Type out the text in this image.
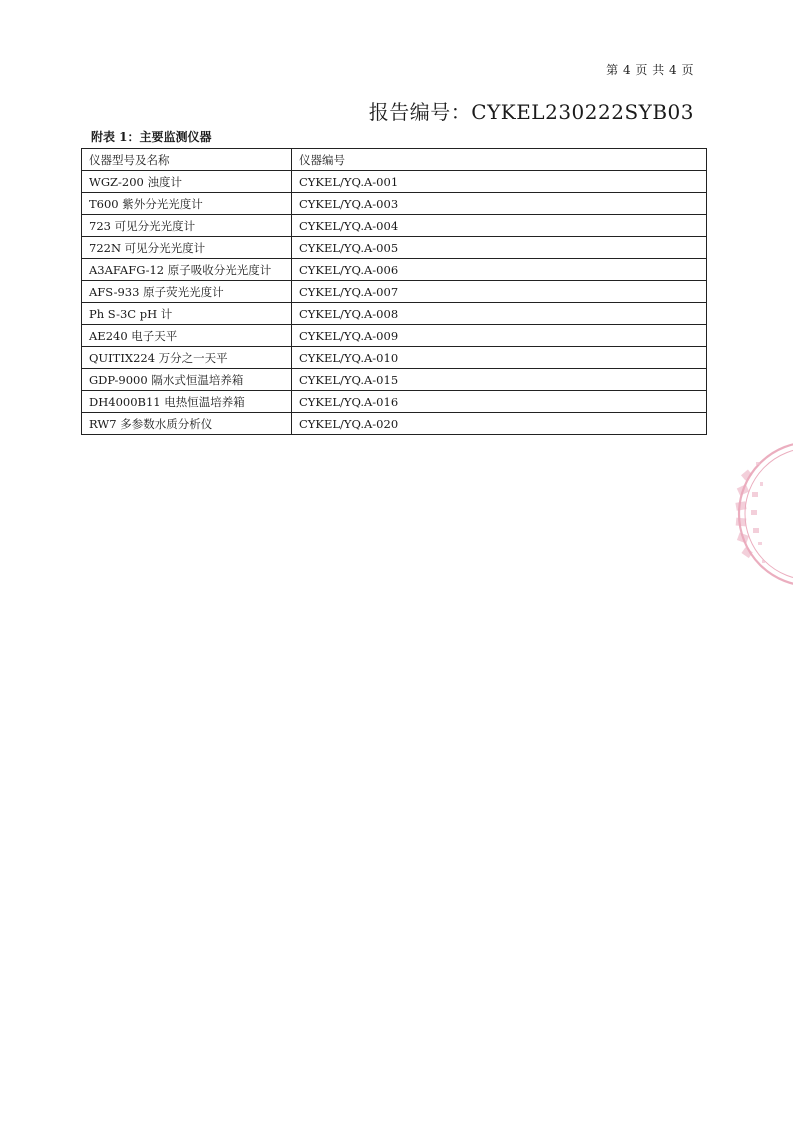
第 4 页 共 4 页
报告编号：CYKEL230222SYB03
附表 1：主要监测仪器
仪器型号及名称	仪器编号
WGZ-200 浊度计	CYKEL/YQ.A-001
T600 紫外分光光度计	CYKEL/YQ.A-003
723 可见分光光度计	CYKEL/YQ.A-004
722N 可见分光光度计	CYKEL/YQ.A-005
A3AFAFG-12 原子吸收分光光度计	CYKEL/YQ.A-006
AFS-933 原子荧光光度计	CYKEL/YQ.A-007
Ph S-3C pH 计	CYKEL/YQ.A-008
AE240 电子天平	CYKEL/YQ.A-009
QUITIX224 万分之一天平	CYKEL/YQ.A-010
GDP-9000 隔水式恒温培养箱	CYKEL/YQ.A-015
DH4000B11 电热恒温培养箱	CYKEL/YQ.A-016
RW7 多参数水质分析仪	CYKEL/YQ.A-020
